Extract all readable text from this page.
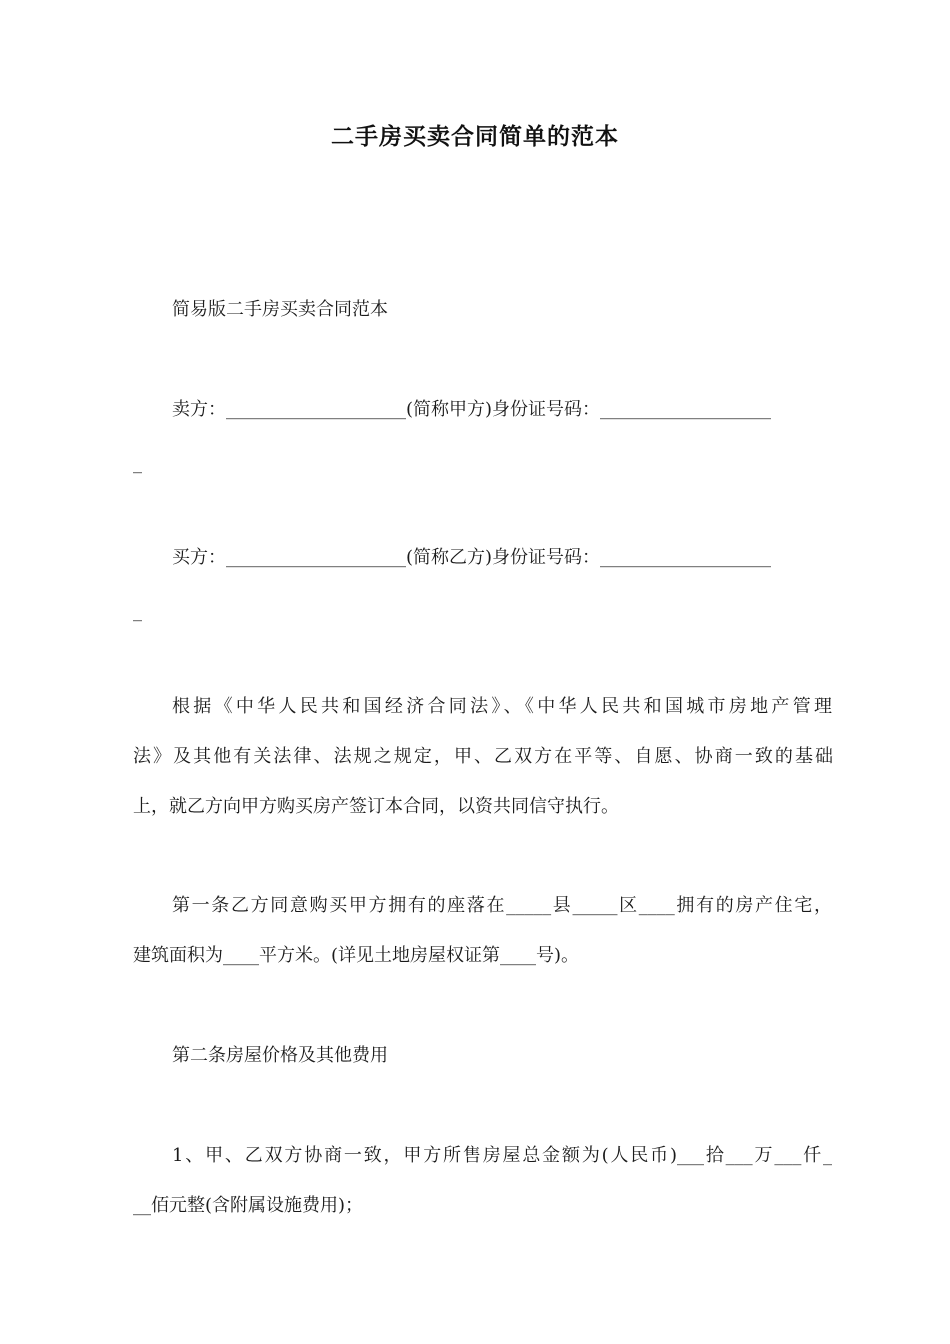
二手房买卖合同简单的范本
简易版二手房买卖合同范本
卖方：____________________(简称甲方)身份证号码：___________________
_
买方：____________________(简称乙方)身份证号码：___________________
_
根据《中华人民共和国经济合同法》、《中华人民共和国城市房地产管理
法》及其他有关法律、法规之规定，甲、乙双方在平等、自愿、协商一致的基础
上，就乙方向甲方购买房产签订本合同，以资共同信守执行。
第一条乙方同意购买甲方拥有的座落在_____县_____区____拥有的房产住宅，
建筑面积为____平方米。(详见土地房屋权证第____号)。
第二条房屋价格及其他费用
1、甲、乙双方协商一致，甲方所售房屋总金额为(人民币)___拾___万___仟_
__佰元整(含附属设施费用)；
